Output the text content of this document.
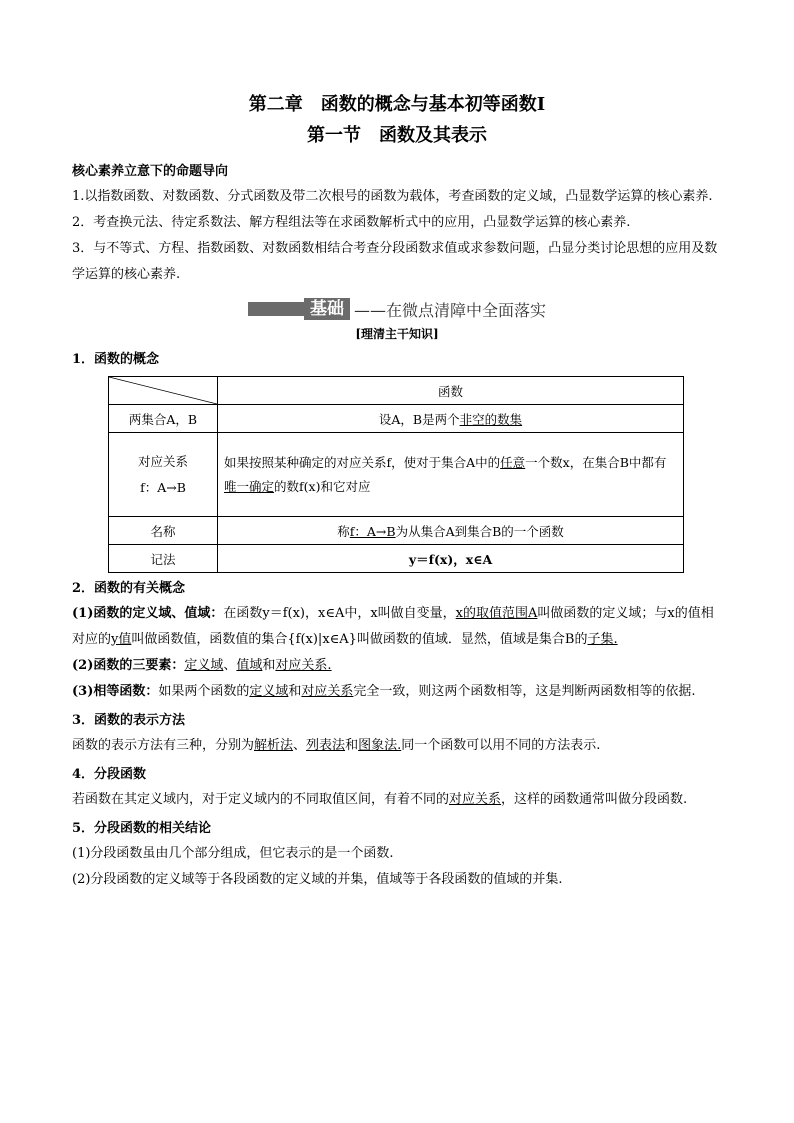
第二章　函数的概念与基本初等函数Ⅰ
第一节　函数及其表示

核心素养立意下的命题导向

1.以指数函数、对数函数、分式函数及带二次根号的函数为载体，考查函数的定义域，凸显数学运算的核心素养.

2．考查换元法、待定系数法、解方程组法等在求函数解析式中的应用，凸显数学运算的核心素养.

3．与不等式、方程、指数函数、对数函数相结合考查分段函数求值或求参数问题，凸显分类讨论思想的应用及数学运算的核心素养.

基础 ——在微点清障中全面落实

[理清主干知识]

1．函数的概念

	函数
两集合A，B	设A，B是两个非空的数集

对应关系
f：A→B	如果按照某种确定的对应关系f，使对于集合A中的任意一个数x，在集合B中都有唯一确定的数f(x)和它对应
名称	称f：A→B为从集合A到集合B的一个函数
记法	y＝f(x)，x∈A

2．函数的有关概念

(1)函数的定义域、值域：在函数y＝f(x)，x∈A中，x叫做自变量，x的取值范围A叫做函数的定义域；与x的值相对应的y值叫做函数值，函数值的集合{f(x)|x∈A}叫做函数的值域．显然，值域是集合B的子集.

(2)函数的三要素：定义域、值域和对应关系.

(3)相等函数：如果两个函数的定义域和对应关系完全一致，则这两个函数相等，这是判断两函数相等的依据.

3．函数的表示方法

函数的表示方法有三种，分别为解析法、列表法和图象法.同一个函数可以用不同的方法表示.

4．分段函数

若函数在其定义域内，对于定义域内的不同取值区间，有着不同的对应关系，这样的函数通常叫做分段函数.

5．分段函数的相关结论

(1)分段函数虽由几个部分组成，但它表示的是一个函数.

(2)分段函数的定义域等于各段函数的定义域的并集，值域等于各段函数的值域的并集.
